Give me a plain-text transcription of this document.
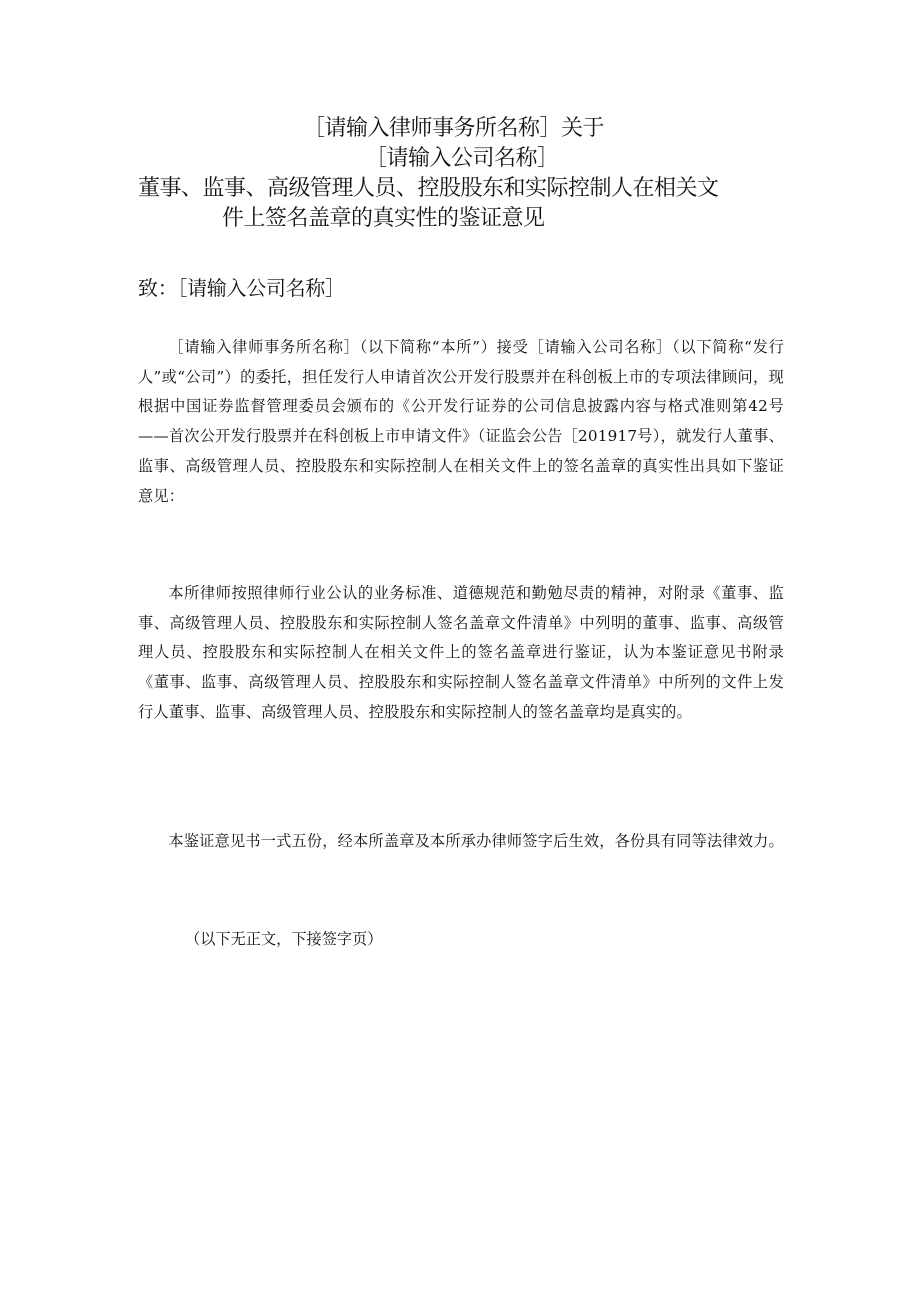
［请输入律师事务所名称］关于
［请输入公司名称］
董事、监事、高级管理人员、控股股东和实际控制人在相关文
件上签名盖章的真实性的鉴证意见
致：［请输入公司名称］

［请输入律师事务所名称］（以下简称“本所”）接受［请输入公司名称］（以下简称“发行人”或“公司”）的委托，担任发行人申请首次公开发行股票并在科创板上市的专项法律顾问，现根据中国证券监督管理委员会颁布的《公开发行证券的公司信息披露内容与格式准则第42号——首次公开发行股票并在科创板上市申请文件》（证监会公告［201917号），就发行人董事、监事、高级管理人员、控股股东和实际控制人在相关文件上的签名盖章的真实性出具如下鉴证意见：

本所律师按照律师行业公认的业务标准、道德规范和勤勉尽责的精神，对附录《董事、监事、高级管理人员、控股股东和实际控制人签名盖章文件清单》中列明的董事、监事、高级管理人员、控股股东和实际控制人在相关文件上的签名盖章进行鉴证，认为本鉴证意见书附录《董事、监事、高级管理人员、控股股东和实际控制人签名盖章文件清单》中所列的文件上发行人董事、监事、高级管理人员、控股股东和实际控制人的签名盖章均是真实的。

本鉴证意见书一式五份，经本所盖章及本所承办律师签字后生效，各份具有同等法律效力。

（以下无正文，下接签字页）
